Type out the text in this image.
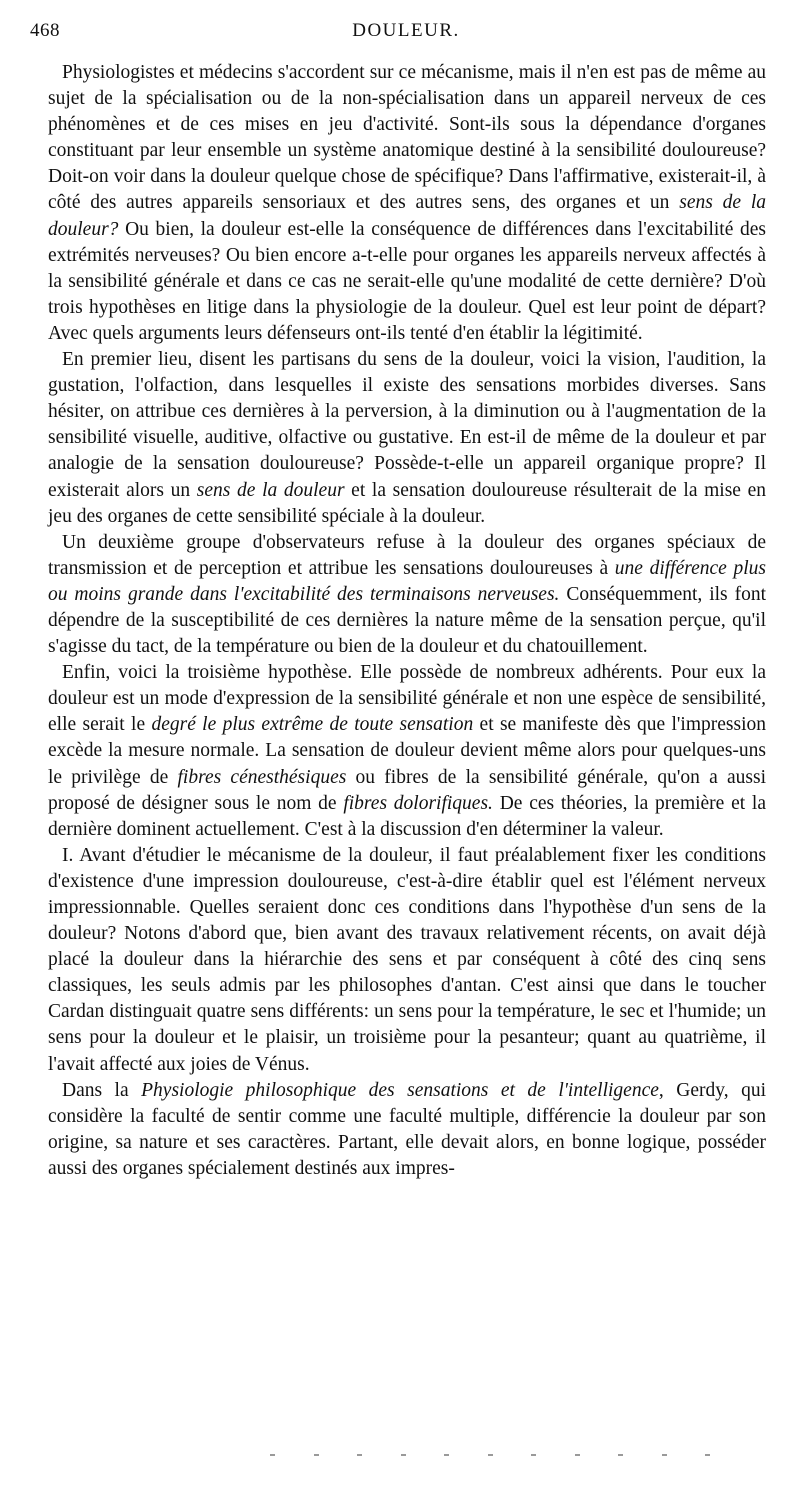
468	DOULEUR.

Physiologistes et médecins s'accordent sur ce mécanisme, mais il n'en est pas de même au sujet de la spécialisation ou de la non-spécialisation dans un appareil nerveux de ces phénomènes et de ces mises en jeu d'activité. Sont-ils sous la dépendance d'organes constituant par leur ensemble un système anatomique destiné à la sensibilité douloureuse? Doit-on voir dans la douleur quelque chose de spécifique? Dans l'affirmative, existerait-il, à côté des autres appareils sensoriaux et des autres sens, des organes et un sens de la douleur? Ou bien, la douleur est-elle la conséquence de différences dans l'excitabilité des extrémités nerveuses? Ou bien encore a-t-elle pour organes les appareils nerveux affectés à la sensibilité générale et dans ce cas ne serait-elle qu'une modalité de cette dernière? D'où trois hypothèses en litige dans la physiologie de la douleur. Quel est leur point de départ? Avec quels arguments leurs défenseurs ont-ils tenté d'en établir la légitimité.

En premier lieu, disent les partisans du sens de la douleur, voici la vision, l'audition, la gustation, l'olfaction, dans lesquelles il existe des sensations morbides diverses. Sans hésiter, on attribue ces dernières à la perversion, à la diminution ou à l'augmentation de la sensibilité visuelle, auditive, olfactive ou gustative. En est-il de même de la douleur et par analogie de la sensation douloureuse? Possède-t-elle un appareil organique propre? Il existerait alors un sens de la douleur et la sensation douloureuse résulterait de la mise en jeu des organes de cette sensibilité spéciale à la douleur.

Un deuxième groupe d'observateurs refuse à la douleur des organes spéciaux de transmission et de perception et attribue les sensations douloureuses à une différence plus ou moins grande dans l'excitabilité des terminaisons nerveuses. Conséquemment, ils font dépendre de la susceptibilité de ces dernières la nature même de la sensation perçue, qu'il s'agisse du tact, de la température ou bien de la douleur et du chatouillement.

Enfin, voici la troisième hypothèse. Elle possède de nombreux adhérents. Pour eux la douleur est un mode d'expression de la sensibilité générale et non une espèce de sensibilité, elle serait le degré le plus extrême de toute sensation et se manifeste dès que l'impression excède la mesure normale. La sensation de douleur devient même alors pour quelques-uns le privilège de fibres cénesthésiques ou fibres de la sensibilité générale, qu'on a aussi proposé de désigner sous le nom de fibres dolorifiques. De ces théories, la première et la dernière dominent actuellement. C'est à la discussion d'en déterminer la valeur.

I. Avant d'étudier le mécanisme de la douleur, il faut préalablement fixer les conditions d'existence d'une impression douloureuse, c'est-à-dire établir quel est l'élément nerveux impressionnable. Quelles seraient donc ces conditions dans l'hypothèse d'un sens de la douleur? Notons d'abord que, bien avant des travaux relativement récents, on avait déjà placé la douleur dans la hiérarchie des sens et par conséquent à côté des cinq sens classiques, les seuls admis par les philosophes d'antan. C'est ainsi que dans le toucher Cardan distinguait quatre sens différents: un sens pour la température, le sec et l'humide; un sens pour la douleur et le plaisir, un troisième pour la pesanteur; quant au quatrième, il l'avait affecté aux joies de Vénus.

Dans la Physiologie philosophique des sensations et de l'intelligence, Gerdy, qui considère la faculté de sentir comme une faculté multiple, différencie la douleur par son origine, sa nature et ses caractères. Partant, elle devait alors, en bonne logique, posséder aussi des organes spécialement destinés aux impres-
